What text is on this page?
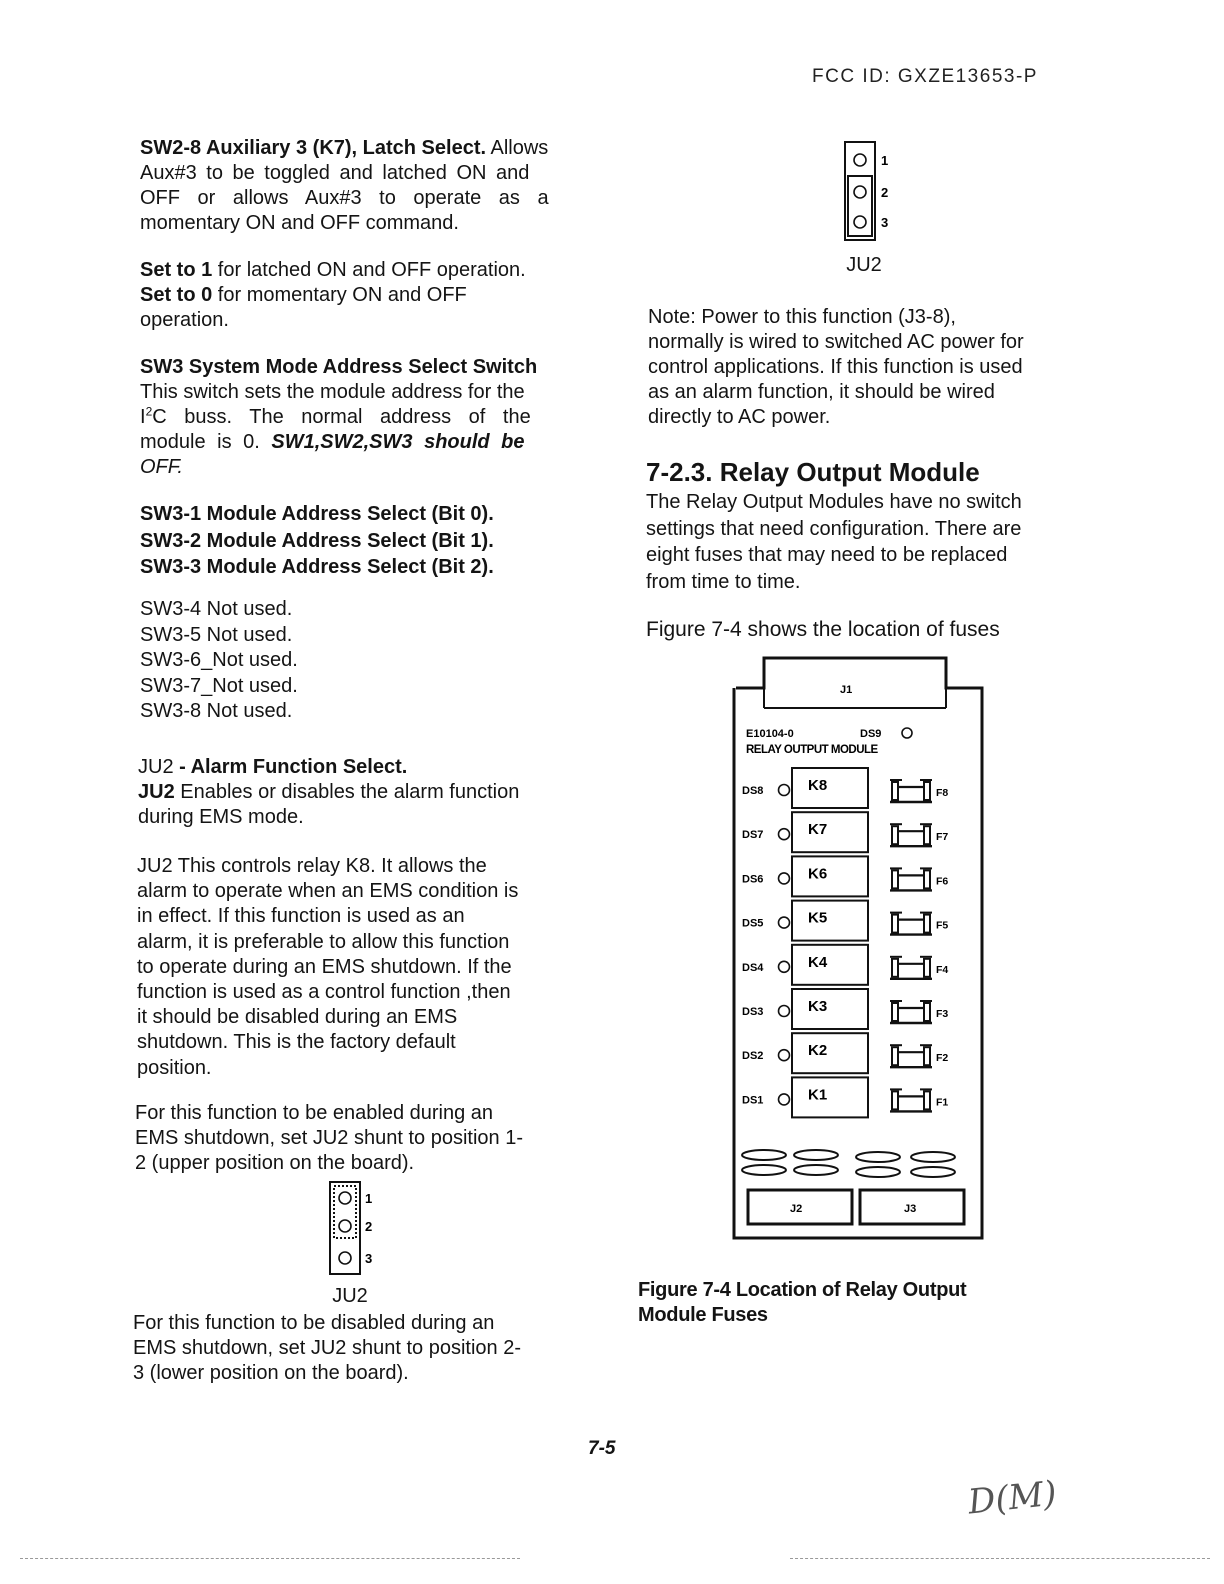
FCC ID: GXZE13653-P

SW2-8 Auxiliary 3 (K7), Latch Select. Allows

Aux#3 to be toggled and latched ON and

OFF or allows Aux#3 to operate as a

momentary ON and OFF command.

Set to 1 for latched ON and OFF operation.

Set to 0 for momentary ON and OFF

operation.

SW3 System Mode Address Select Switch

This switch sets the module address for the

$I^2C$ buss. The normal address of the

module is 0. SW1,SW2,SW3 should be

OFF.

SW3-1 Module Address Select (Bit 0).

SW3-2 Module Address Select (Bit 1).

SW3-3 Module Address Select (Bit 2).

SW3-4 Not used.

SW3-5 Not used.

SW3-6_Not used.

SW3-7_Not used.

SW3-8 Not used.

JU2 - Alarm Function Select.

JU2 Enables or disables the alarm function

during EMS mode.

JU2 This controls relay K8. It allows the

alarm to operate when an EMS condition is

in effect. If this function is used as an

alarm, it is preferable to allow this function

to operate during an EMS shutdown. If the

function is used as a control function ,then

it should be disabled during an EMS

shutdown. This is the factory default

position.

For this function to be enabled during an

EMS shutdown, set JU2 shunt to position 1-

2 (upper position on the board).

1
2
3
JU2

For this function to be disabled during an

EMS shutdown, set JU2 shunt to position 2-

3 (lower position on the board).

1
2
3
JU2

Note: Power to this function (J3-8),

normally is wired to switched AC power for

control applications. If this function is used

as an alarm function, it should be wired

directly to AC power.

7-2.3. Relay Output Module

The Relay Output Modules have no switch

settings that need configuration. There are

eight fuses that may need to be replaced

from time to time.

Figure 7-4 shows the location of fuses
J1
E10104-0	DS9
RELAY OUTPUT MODULE
DS8	K8	F8
DS7	K7	F7
DS6	K6	F6
DS5	K5	F5
DS4	K4	F4
DS3	K3	F3
DS2	K2	F2
DS1	K1	F1
J2	J3

Figure 7-4 Location of Relay Output

Module Fuses

7-5
D(M)
